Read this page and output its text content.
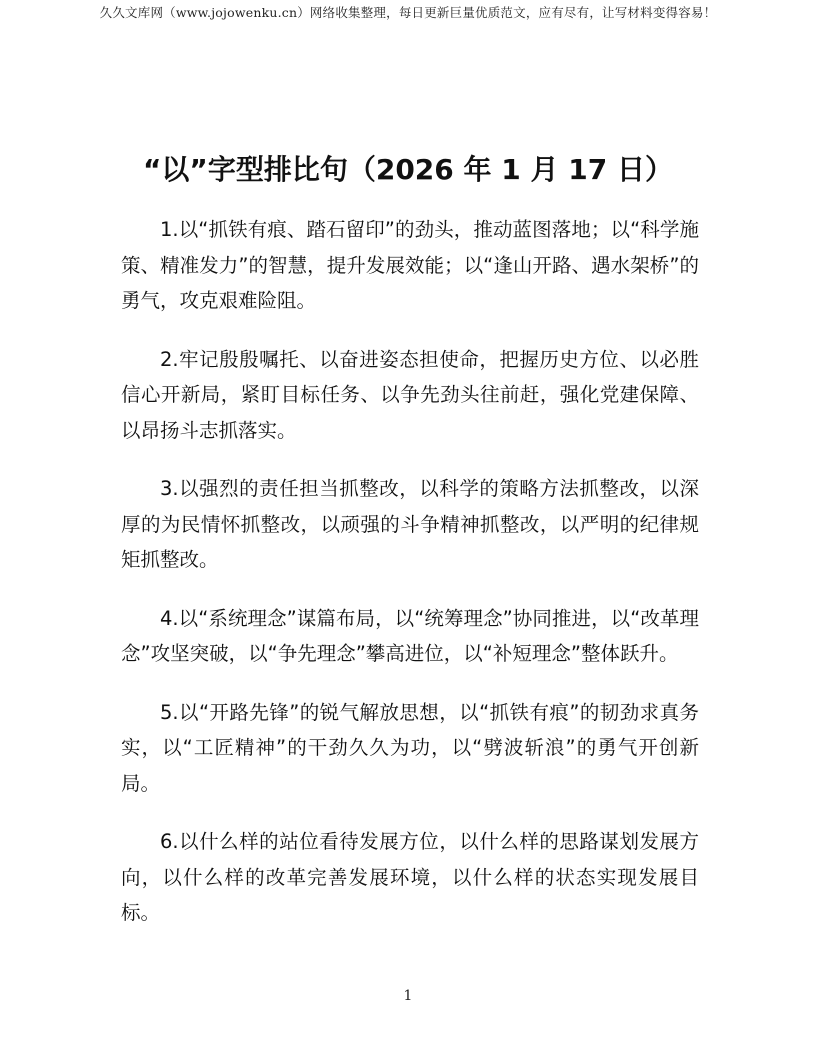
久久文库网（www.jojowenku.cn）网络收集整理，每日更新巨量优质范文，应有尽有，让写材料变得容易！
“以”字型排比句（2026 年 1 月 17 日）

1.以“抓铁有痕、踏石留印”的劲头，推动蓝图落地；以“科学施策、精准发力”的智慧，提升发展效能；以“逢山开路、遇水架桥”的勇气，攻克艰难险阻。

2.牢记殷殷嘱托、以奋进姿态担使命，把握历史方位、以必胜信心开新局，紧盯目标任务、以争先劲头往前赶，强化党建保障、以昂扬斗志抓落实。

3.以强烈的责任担当抓整改，以科学的策略方法抓整改，以深厚的为民情怀抓整改，以顽强的斗争精神抓整改，以严明的纪律规矩抓整改。

4.以“系统理念”谋篇布局，以“统筹理念”协同推进，以“改革理念”攻坚突破，以“争先理念”攀高进位，以“补短理念”整体跃升。

5.以“开路先锋”的锐气解放思想，以“抓铁有痕”的韧劲求真务实，以“工匠精神”的干劲久久为功，以“劈波斩浪”的勇气开创新局。

6.以什么样的站位看待发展方位，以什么样的思路谋划发展方向，以什么样的改革完善发展环境，以什么样的状态实现发展目标。

1
